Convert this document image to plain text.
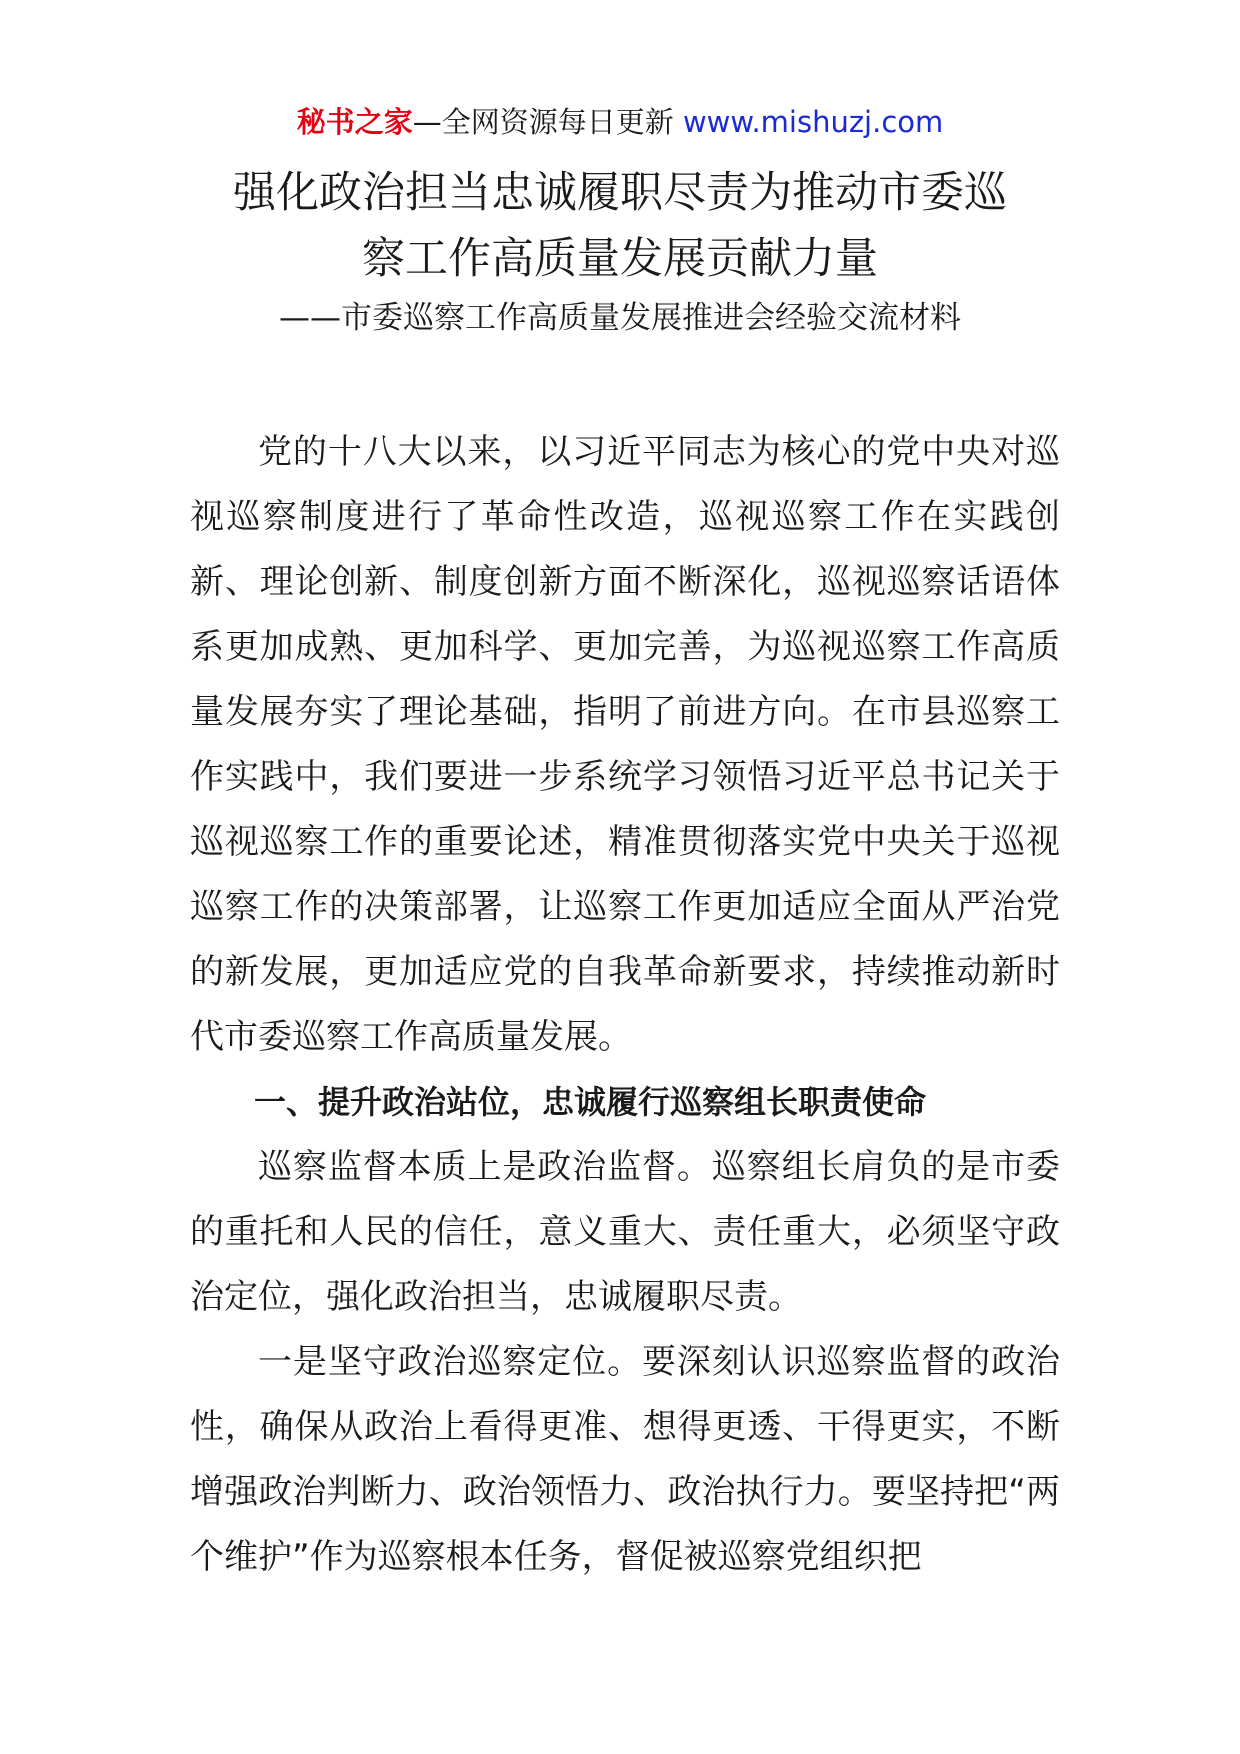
秘书之家—全网资源每日更新 www.mishuzj.com
强化政治担当忠诚履职尽责为推动市委巡
察工作高质量发展贡献力量
——市委巡察工作高质量发展推进会经验交流材料

党的十八大以来，以习近平同志为核心的党中央对巡视巡察制度进行了革命性改造，巡视巡察工作在实践创新、理论创新、制度创新方面不断深化，巡视巡察话语体系更加成熟、更加科学、更加完善，为巡视巡察工作高质量发展夯实了理论基础，指明了前进方向。在市县巡察工作实践中，我们要进一步系统学习领悟习近平总书记关于巡视巡察工作的重要论述，精准贯彻落实党中央关于巡视巡察工作的决策部署，让巡察工作更加适应全面从严治党的新发展，更加适应党的自我革命新要求，持续推动新时代市委巡察工作高质量发展。

一、提升政治站位，忠诚履行巡察组长职责使命

巡察监督本质上是政治监督。巡察组长肩负的是市委的重托和人民的信任，意义重大、责任重大，必须坚守政治定位，强化政治担当，忠诚履职尽责。

一是坚守政治巡察定位。要深刻认识巡察监督的政治性，确保从政治上看得更准、想得更透、干得更实，不断增强政治判断力、政治领悟力、政治执行力。要坚持把“两个维护”作为巡察根本任务，督促被巡察党组织把
